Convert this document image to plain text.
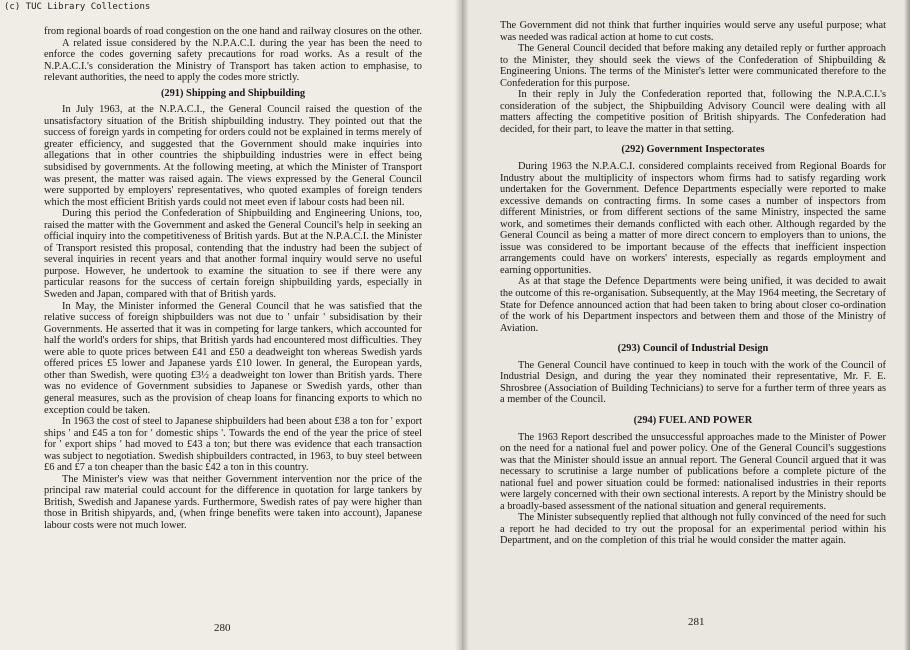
(c) TUC Library Collections

from regional boards of road congestion on the one hand and railway closures on the other.

A related issue considered by the N.P.A.C.I. during the year has been the need to enforce the codes governing safety precautions for road works. As a result of the N.P.A.C.I.'s consideration the Ministry of Transport has taken action to emphasise, to relevant authorities, the need to apply the codes more strictly.

(291) Shipping and Shipbuilding

In July 1963, at the N.P.A.C.I., the General Council raised the question of the unsatisfactory situation of the British shipbuilding industry. They pointed out that the success of foreign yards in competing for orders could not be explained in terms merely of greater efficiency, and suggested that the Government should make inquiries into allegations that in other countries the shipbuilding industries were in effect being subsidised by governments. At the following meeting, at which the Minister of Transport was present, the matter was raised again. The views expressed by the General Council were supported by employers' representatives, who quoted examples of foreign tenders which the most efficient British yards could not meet even if labour costs had been nil.

During this period the Confederation of Shipbuilding and Engineering Unions, too, raised the matter with the Government and asked the General Council's help in seeking an official inquiry into the competitiveness of British yards. But at the N.P.A.C.I. the Minister of Transport resisted this proposal, contending that the industry had been the subject of several inquiries in recent years and that another formal inquiry would serve no useful purpose. However, he undertook to examine the situation to see if there were any particular reasons for the success of certain foreign shipbuilding yards, especially in Sweden and Japan, compared with that of British yards.

In May, the Minister informed the General Council that he was satisfied that the relative success of foreign shipbuilders was not due to ' unfair ' subsidisation by their Governments. He asserted that it was in competing for large tankers, which accounted for half the world's orders for ships, that British yards had encountered most difficulties. They were able to quote prices between £41 and £50 a deadweight ton whereas Swedish yards offered prices £5 lower and Japanese yards £10 lower. In general, the European yards, other than Swedish, were quoting £3½ a deadweight ton lower than British yards. There was no evidence of Government subsidies to Japanese or Swedish yards, other than general measures, such as the provision of cheap loans for financing exports to which no exception could be taken.

In 1963 the cost of steel to Japanese shipbuilders had been about £38 a ton for ' export ships ' and £45 a ton for ' domestic ships '. Towards the end of the year the price of steel for ' export ships ' had moved to £43 a ton; but there was evidence that each transaction was subject to negotiation. Swedish shipbuilders contracted, in 1963, to buy steel between £6 and £7 a ton cheaper than the basic £42 a ton in this country.

The Minister's view was that neither Government intervention nor the price of the principal raw material could account for the difference in quotation for large tankers by British, Swedish and Japanese yards. Furthermore, Swedish rates of pay were higher than those in British shipyards, and, (when fringe benefits were taken into account), Japanese labour costs were not much lower.

280

The Government did not think that further inquiries would serve any useful purpose; what was needed was radical action at home to cut costs.

The General Council decided that before making any detailed reply or further approach to the Minister, they should seek the views of the Confederation of Shipbuilding & Engineering Unions. The terms of the Minister's letter were communicated therefore to the Confederation for this purpose.

In their reply in July the Confederation reported that, following the N.P.A.C.I.'s consideration of the subject, the Shipbuilding Advisory Council were dealing with all matters affecting the competitive position of British shipyards. The Confederation had decided, for their part, to leave the matter in that setting.

(292) Government Inspectorates

During 1963 the N.P.A.C.I. considered complaints received from Regional Boards for Industry about the multiplicity of inspectors whom firms had to satisfy regarding work undertaken for the Government. Defence Departments especially were reported to make excessive demands on contracting firms. In some cases a number of inspectors from different Ministries, or from different sections of the same Ministry, inspected the same work, and sometimes their demands conflicted with each other. Although regarded by the General Council as being a matter of more direct concern to employers than to unions, the issue was considered to be important because of the effects that inefficient inspection arrangements could have on workers' interests, especially as regards employment and earning opportunities.

As at that stage the Defence Departments were being unified, it was decided to await the outcome of this re-organisation. Subsequently, at the May 1964 meeting, the Secretary of State for Defence announced action that had been taken to bring about closer co-ordination of the work of his Department inspectors and between them and those of the Ministry of Aviation.

(293) Council of Industrial Design

The General Council have continued to keep in touch with the work of the Council of Industrial Design, and during the year they nominated their representative, Mr. F. E. Shrosbree (Association of Building Technicians) to serve for a further term of three years as a member of the Council.

(294) FUEL AND POWER

The 1963 Report described the unsuccessful approaches made to the Minister of Power on the need for a national fuel and power policy. One of the General Council's suggestions was that the Minister should issue an annual report. The General Council argued that it was necessary to scrutinise a large number of publications before a complete picture of the national fuel and power situation could be formed: nationalised industries in their reports were largely concerned with their own sectional interests. A report by the Ministry should be a broadly-based assessment of the national situation and general requirements.

The Minister subsequently replied that although not fully convinced of the need for such a report he had decided to try out the proposal for an experimental period within his Department, and on the completion of this trial he would consider the matter again.

281
